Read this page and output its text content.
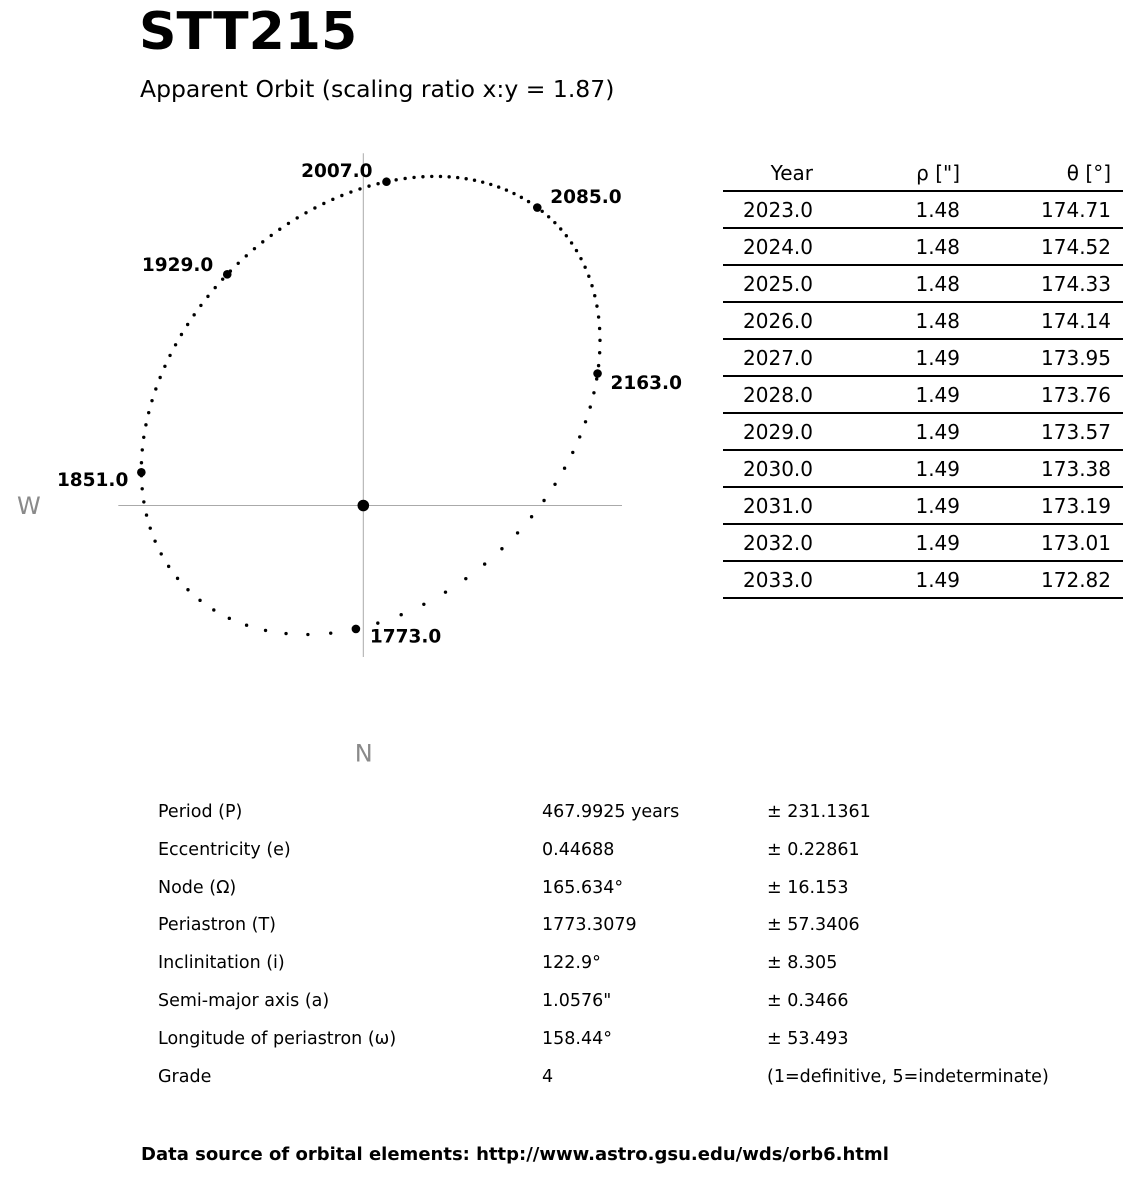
STT215
Apparent Orbit (scaling ratio x:y = 1.87)
W
N
1773.0
1851.0
1929.0
2007.0
2085.0
2163.0
Year	ρ ["]	θ [°]
2023.0	1.48	174.71
2024.0	1.48	174.52
2025.0	1.48	174.33
2026.0	1.48	174.14
2027.0	1.49	173.95
2028.0	1.49	173.76
2029.0	1.49	173.57
2030.0	1.49	173.38
2031.0	1.49	173.19
2032.0	1.49	173.01
2033.0	1.49	172.82
Period (P)	467.9925 years	± 231.1361
Eccentricity (e)	0.44688	± 0.22861
Node (Ω)	165.634°	± 16.153
Periastron (T)	1773.3079	± 57.3406
Inclinitation (i)	122.9°	± 8.305
Semi-major axis (a)	1.0576"	± 0.3466
Longitude of periastron (ω)	158.44°	± 53.493
Grade	4	(1=definitive, 5=indeterminate)
Data source of orbital elements: http://www.astro.gsu.edu/wds/orb6.html
